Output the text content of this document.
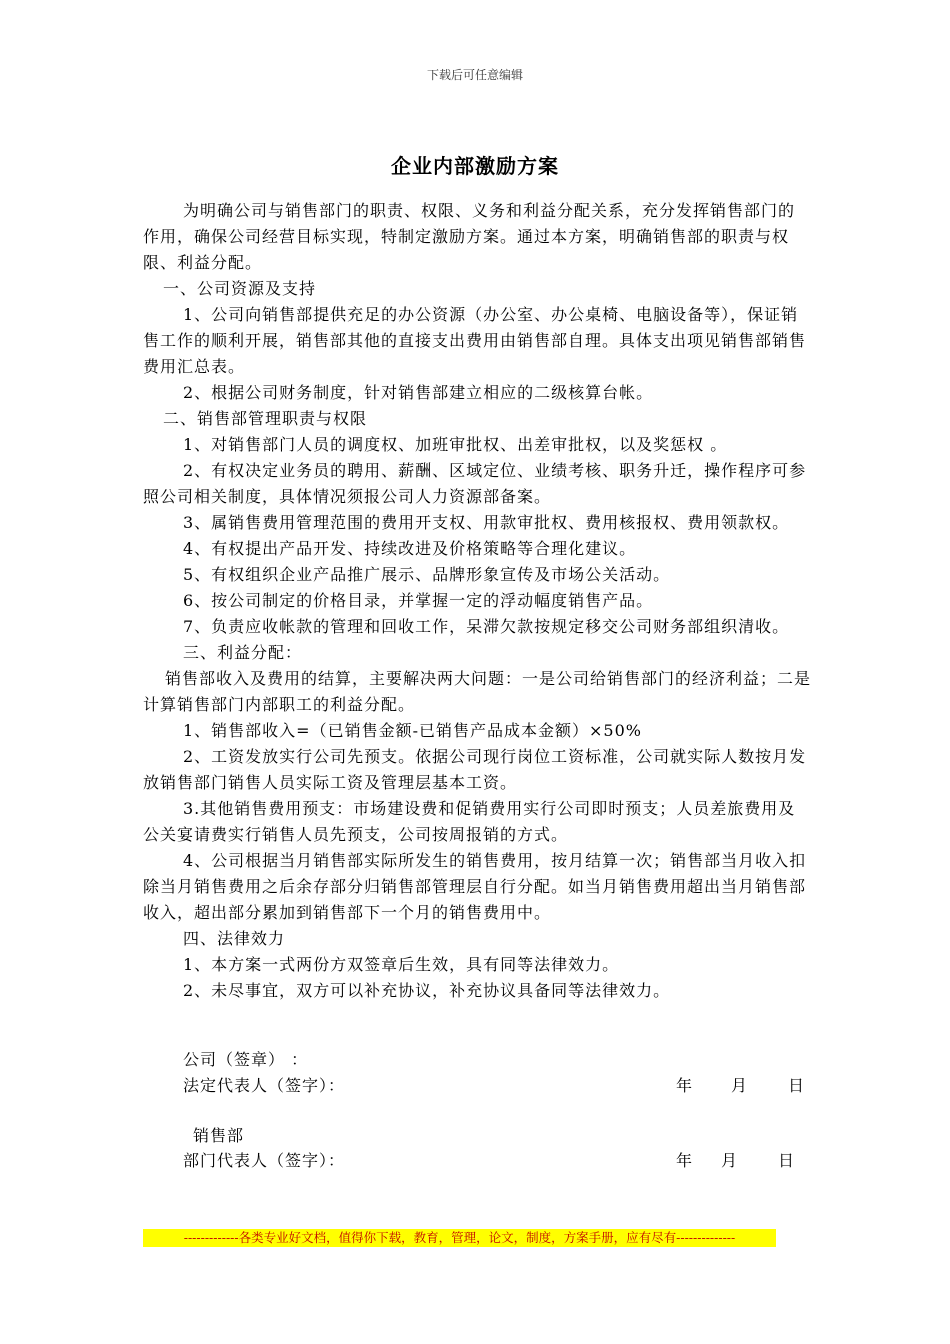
下载后可任意编辑
企业内部激励方案

为明确公司与销售部门的职责、权限、义务和利益分配关系，充分发挥销售部门的作用，确保公司经营目标实现，特制定激励方案。通过本方案，明确销售部的职责与权限、利益分配。

一、公司资源及支持

1、公司向销售部提供充足的办公资源（办公室、办公桌椅、电脑设备等），保证销售工作的顺利开展，销售部其他的直接支出费用由销售部自理。具体支出项见销售部销售费用汇总表。

2、根据公司财务制度，针对销售部建立相应的二级核算台帐。

二、销售部管理职责与权限

1、对销售部门人员的调度权、加班审批权、出差审批权，以及奖惩权 。

2、有权决定业务员的聘用、薪酬、区域定位、业绩考核、职务升迁，操作程序可参照公司相关制度，具体情况须报公司人力资源部备案。

3、属销售费用管理范围的费用开支权、用款审批权、费用核报权、费用领款权。

4、有权提出产品开发、持续改进及价格策略等合理化建议。

5、有权组织企业产品推广展示、品牌形象宣传及市场公关活动。

6、按公司制定的价格目录，并掌握一定的浮动幅度销售产品。

7、负责应收帐款的管理和回收工作，呆滞欠款按规定移交公司财务部组织清收。

三、利益分配：

销售部收入及费用的结算，主要解决两大问题：一是公司给销售部门的经济利益；二是计算销售部门内部职工的利益分配。

1、销售部收入=（已销售金额-已销售产品成本金额）×50%

2、工资发放实行公司先预支。依据公司现行岗位工资标准，公司就实际人数按月发放销售部门销售人员实际工资及管理层基本工资。

3.其他销售费用预支：市场建设费和促销费用实行公司即时预支；人员差旅费用及公关宴请费实行销售人员先预支，公司按周报销的方式。

4、公司根据当月销售部实际所发生的销售费用，按月结算一次；销售部当月收入扣除当月销售费用之后余存部分归销售部管理层自行分配。如当月销售费用超出当月销售部收入，超出部分累加到销售部下一个月的销售费用中。

四、法律效力

1、本方案一式两份方双签章后生效，具有同等法律效力。

2、未尽事宜，双方可以补充协议，补充协议具备同等法律效力。

公司（签章） ：
法定代表人（签字）：	年 月 日
销售部
部门代表人（签字）：	年 月 日
-------------各类专业好文档，值得你下载，教育，管理，论文，制度，方案手册，应有尽有--------------
